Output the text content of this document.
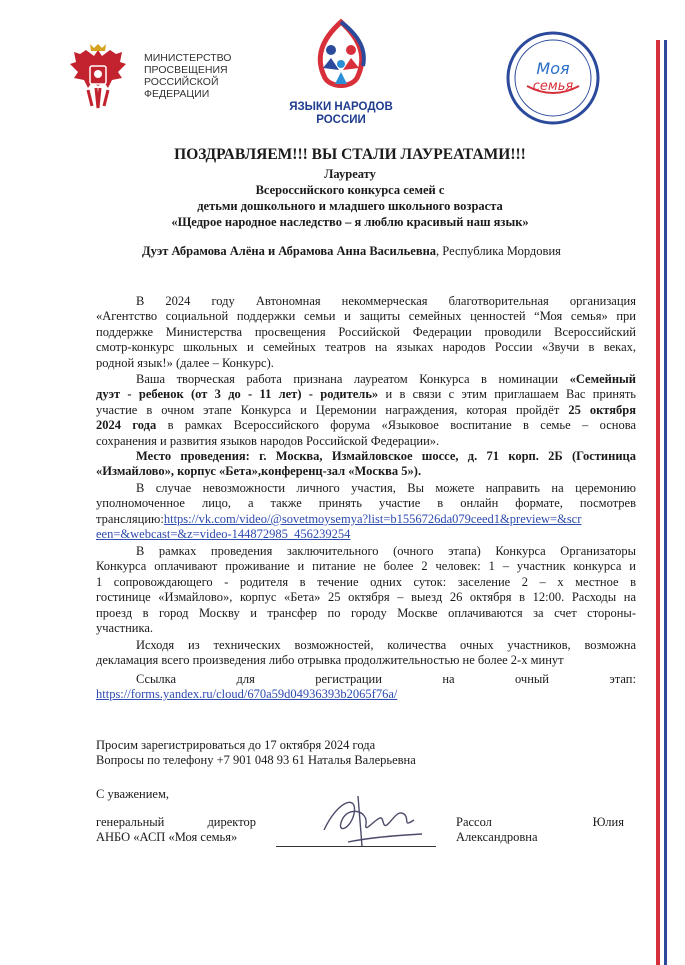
МИНИСТЕРСТВО
ПРОСВЕЩЕНИЯ
РОССИЙСКОЙ
ФЕДЕРАЦИИ
ЯЗЫКИ НАРОДОВ
РОССИИ
Моя
семья
ПОЗДРАВЛЯЕМ!!! ВЫ СТАЛИ ЛАУРЕАТАМИ!!!
Лауреату
Всероссийского конкурса семей с
детьми дошкольного и младшего школьного возраста
«Щедрое народное наследство – я люблю красивый наш язык»
Дуэт Абрамова Алёна и Абрамова Анна Васильевна, Республика Мордовия
В 2024 году Автономная некоммерческая благотворительная организация
«Агентство социальной поддержки семьи и защиты семейных ценностей “Моя семья» при
поддержке Министерства просвещения Российской Федерации проводили Всероссийский
смотр-конкурс школьных и семейных театров на языках народов России «Звучи в веках,
родной язык!» (далее – Конкурс).
Ваша творческая работа признана лауреатом Конкурса в номинации «Семейный
дуэт - ребенок (от 3 до - 11 лет) - родитель» и в связи с этим приглашаем Вас принять
участие в очном этапе Конкурса и Церемонии награждения, которая пройдёт 25 октября
2024 года в рамках Всероссийского форума «Языковое воспитание в семье – основа
сохранения и развития языков народов Российской Федерации».
Место проведения: г. Москва, Измайловское шоссе, д. 71 корп. 2Б (Гостиница
«Измайлово», корпус «Бета»,конференц-зал «Москва 5»).
В случае невозможности личного участия, Вы можете направить на церемонию
уполномоченное лицо, а также принять участие в онлайн формате, посмотрев
трансляцию:https://vk.com/video/@sovetmoysemya?list=b1556726da079ceed1&preview=&scr
een=&webcast=&z=video-144872985_456239254
В рамках проведения заключительного (очного этапа) Конкурса Организаторы
Конкурса оплачивают проживание и питание не более 2 человек: 1 – участник конкурса и
1 сопровождающего - родителя в течение одних суток: заселение 2 – х местное в
гостинице «Измайлово», корпус «Бета» 25 октября – выезд 26 октября в 12:00. Расходы на
проезд в город Москву и трансфер по городу Москве оплачиваются за счет стороны-
участника.
Исходя из технических возможностей, количества очных участников, возможна
декламация всего произведения либо отрывка продолжительностью не более 2-х минут
Ссылка	для	регистрации	на	очный	этап:
https://forms.yandex.ru/cloud/670a59d04936393b2065f76a/
Просим зарегистрироваться до 17 октября 2024 года
Вопросы по телефону +7 901 048 93 61 Наталья Валерьевна
С уважением,
генеральный	директор
АНБО «АСП «Моя семья»
Рассол	Юлия
Александровна
